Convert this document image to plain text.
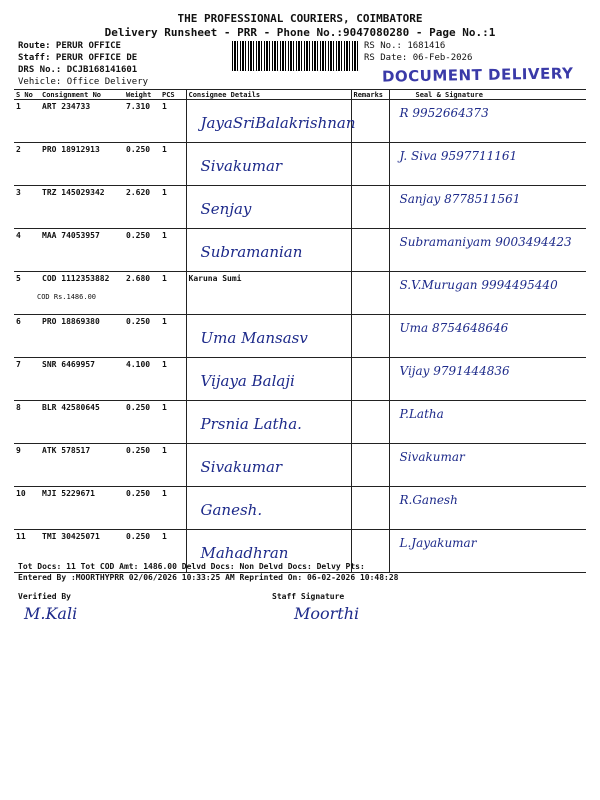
THE PROFESSIONAL COURIERS, COIMBATORE
Delivery Runsheet - PRR - Phone No.:9047080280 - Page No.:1
Route: PERUR OFFICE
Staff: PERUR OFFICE DE
DRS No.: DCJB168141601
Vehicle: Office Delivery
RS No.: 1681416
RS Date: 06-Feb-2026
DOCUMENT DELIVERY
S No	Consignment No	Weight	PCS	Consignee Details	Remarks	Seal & Signature
1	ART 234733	7.310	1	JayaSriBalakrishnan		R 9952664373

2	PRO 18912913	0.250	1	Sivakumar		J. Siva 9597711161

3	TRZ 145029342	2.620	1	Senjay		Sanjay 8778511561

4	MAA 74053957	0.250	1	Subramanian		Subramaniyam 9003494423

5	COD 1112353882	2.680	1	Karuna Sumi		S.V.Murugan 9994495440

6	PRO 18869380	0.250	1	Uma Mansasv		Uma 8754648646

7	SNR 6469957	4.100	1	Vijaya Balaji		Vijay 9791444836

8	BLR 42580645	0.250	1	Prsnia Latha.		P.Latha

9	ATK 578517	0.250	1	Sivakumar		Sivakumar

10	MJI 5229671	0.250	1	Ganesh.		R.Ganesh

11	TMI 30425071	0.250	1	Mahadhran		L.Jayakumar
COD Rs.1486.00
Tot Docs: 11 Tot COD Amt: 1486.00 Delvd Docs: Non Delvd Docs: Delvy Pts:
Entered By :MOORTHYPRR 02/06/2026 10:33:25 AM Reprinted On: 06-02-2026 10:48:28
Verified By	Staff Signature
M.Kali	Moorthi
